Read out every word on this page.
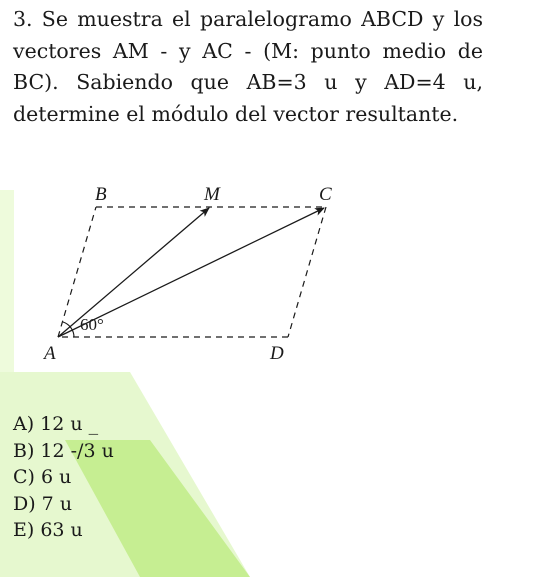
3. Se muestra el paralelogramo ABCD y los vectores AM - y AC - (M: punto medio de BC). Sabiendo que AB=3 u y AD=4 u, determine el módulo del vector resultante.
60°
B	M	C
A	D
A) 12 u _
B) 12 -/3 u
C) 6 u
D) 7 u
E) 63 u
